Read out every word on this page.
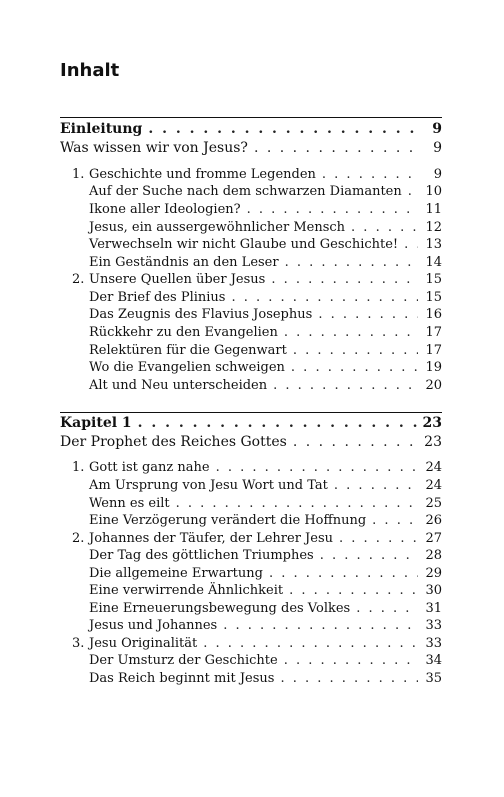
Inhalt
Einleitung . . .	9
Was wissen wir von Jesus? . . .	9
1. Geschichte und fromme Legenden . . .	9
Auf der Suche nach dem schwarzen Diamanten . . . 10
Ikone aller Ideologien? . . .	11
Jesus, ein aussergewöhnlicher Mensch . . .	12
Verwechseln wir nicht Glaube und Geschichte! . . . 13
Ein Geständnis an den Leser . . .	14
2. Unsere Quellen über Jesus . . .	15
Der Brief des Plinius . . .	15
Das Zeugnis des Flavius Josephus . . .	16
Rückkehr zu den Evangelien . . .	17
Relektüren für die Gegenwart . . .	17
Wo die Evangelien schweigen . . .	19
Alt und Neu unterscheiden . . .	20
Kapitel 1 . . .	23
Der Prophet des Reiches Gottes . . .	23
1. Gott ist ganz nahe . . .	24
Am Ursprung von Jesu Wort und Tat . . .	24
Wenn es eilt . . .	25
Eine Verzögerung verändert die Hoffnung . . .	26
2. Johannes der Täufer, der Lehrer Jesu . . .	27
Der Tag des göttlichen Triumphes . . .	28
Die allgemeine Erwartung . . .	29
Eine verwirrende Ähnlichkeit . . .	30
Eine Erneuerungsbewegung des Volkes . . .	31
Jesus und Johannes . . .	33
3. Jesu Originalität . . .	33
Der Umsturz der Geschichte . . .	34
Das Reich beginnt mit Jesus . . .	35
